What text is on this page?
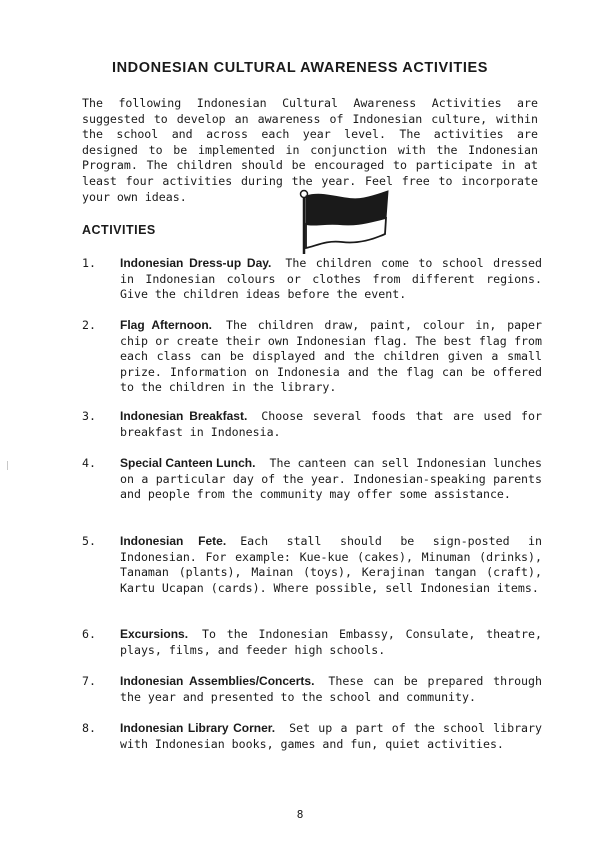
INDONESIAN CULTURAL AWARENESS ACTIVITIES
The following Indonesian Cultural Awareness Activities are suggested to develop an awareness of Indonesian culture, within the school and across each year level. The activities are designed to be implemented in conjunction with the Indonesian Program. The children should be encouraged to participate in at least four activities during the year. Feel free to incorporate your own ideas.
ACTIVITIES
1.	Indonesian Dress-up Day. The children come to school dressed in Indonesian colours or clothes from different regions. Give the children ideas before the event.
2.	Flag Afternoon. The children draw, paint, colour in, paper chip or create their own Indonesian flag. The best flag from each class can be displayed and the children given a small prize. Information on Indonesia and the flag can be offered to the children in the library.
3.	Indonesian Breakfast. Choose several foods that are used for breakfast in Indonesia.
4.	Special Canteen Lunch. The canteen can sell Indonesian lunches on a particular day of the year. Indonesian-speaking parents and people from the community may offer some assistance.
5.	Indonesian Fete. Each stall should be sign-posted in Indonesian. For example: Kue-kue (cakes), Minuman (drinks), Tanaman (plants), Mainan (toys), Kerajinan tangan (craft), Kartu Ucapan (cards). Where possible, sell Indonesian items.
6.	Excursions. To the Indonesian Embassy, Consulate, theatre, plays, films, and feeder high schools.
7.	Indonesian Assemblies/Concerts. These can be prepared through the year and presented to the school and community.
8.	Indonesian Library Corner. Set up a part of the school library with Indonesian books, games and fun, quiet activities.
8
